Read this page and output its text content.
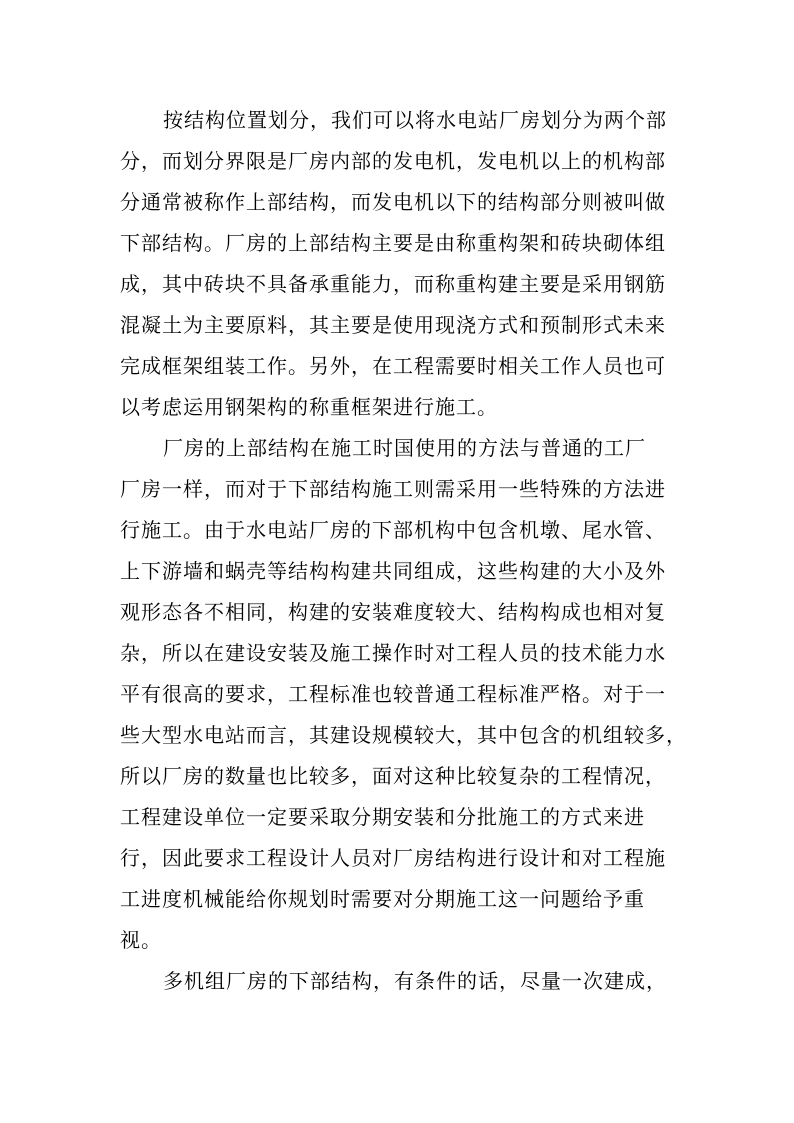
按结构位置划分，我们可以将水电站厂房划分为两个部
分，而划分界限是厂房内部的发电机，发电机以上的机构部
分通常被称作上部结构，而发电机以下的结构部分则被叫做
下部结构。厂房的上部结构主要是由称重构架和砖块砌体组
成，其中砖块不具备承重能力，而称重构建主要是采用钢筋
混凝土为主要原料，其主要是使用现浇方式和预制形式未来
完成框架组装工作。另外，在工程需要时相关工作人员也可
以考虑运用钢架构的称重框架进行施工。
厂房的上部结构在施工时国使用的方法与普通的工厂
厂房一样，而对于下部结构施工则需采用一些特殊的方法进
行施工。由于水电站厂房的下部机构中包含机墩、尾水管、
上下游墙和蜗壳等结构构建共同组成，这些构建的大小及外
观形态各不相同，构建的安装难度较大、结构构成也相对复
杂，所以在建设安装及施工操作时对工程人员的技术能力水
平有很高的要求，工程标准也较普通工程标准严格。对于一
些大型水电站而言，其建设规模较大，其中包含的机组较多，
所以厂房的数量也比较多，面对这种比较复杂的工程情况，
工程建设单位一定要采取分期安装和分批施工的方式来进
行，因此要求工程设计人员对厂房结构进行设计和对工程施
工进度机械能给你规划时需要对分期施工这一问题给予重
视。
多机组厂房的下部结构，有条件的话，尽量一次建成，
